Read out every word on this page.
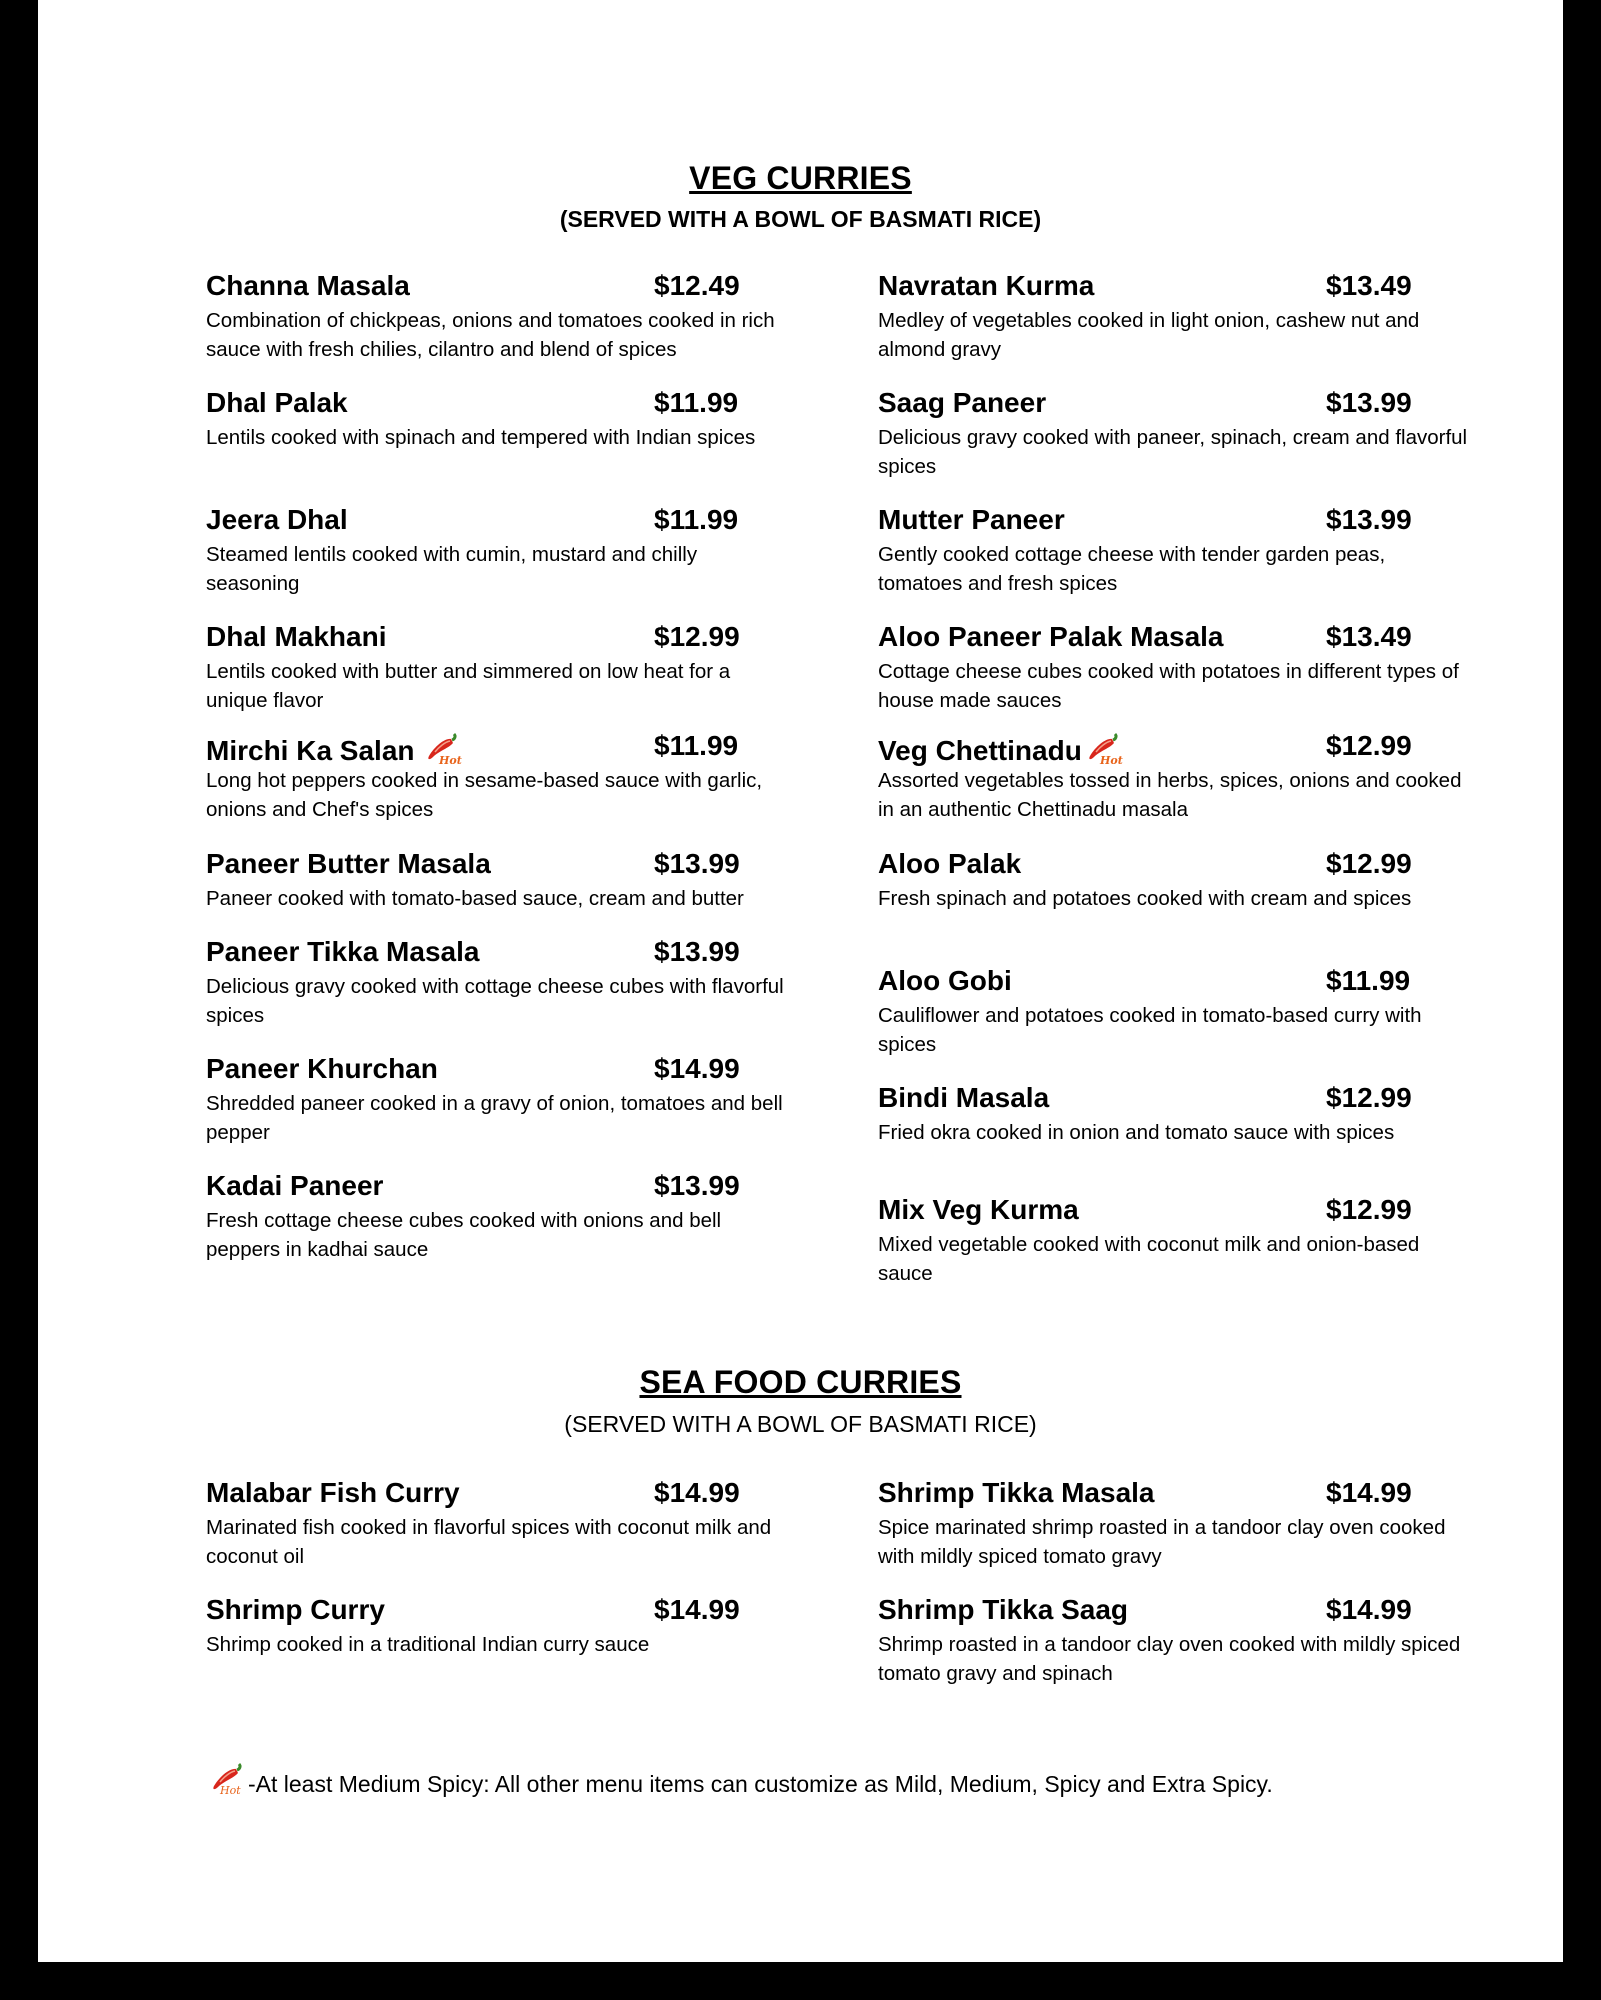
VEG CURRIES
(SERVED WITH A BOWL OF BASMATI RICE)
Channa Masala	$12.49
Combination of chickpeas, onions and tomatoes cooked in rich sauce with fresh chilies, cilantro and blend of spices
Dhal Palak	$11.99
Lentils cooked with spinach and tempered with Indian spices
Jeera Dhal	$11.99
Steamed lentils cooked with cumin, mustard and chilly seasoning
Dhal Makhani	$12.99
Lentils cooked with butter and simmered on low heat for a unique flavor
Mirchi Ka Salan Hot	$11.99
Long hot peppers cooked in sesame-based sauce with garlic, onions and Chef's spices
Paneer Butter Masala	$13.99
Paneer cooked with tomato-based sauce, cream and butter
Paneer Tikka Masala	$13.99
Delicious gravy cooked with cottage cheese cubes with flavorful spices
Paneer Khurchan	$14.99
Shredded paneer cooked in a gravy of onion, tomatoes and bell pepper
Kadai Paneer	$13.99
Fresh cottage cheese cubes cooked with onions and bell peppers in kadhai sauce
Navratan Kurma	$13.49
Medley of vegetables cooked in light onion, cashew nut and almond gravy
Saag Paneer	$13.99
Delicious gravy cooked with paneer, spinach, cream and flavorful spices
Mutter Paneer	$13.99
Gently cooked cottage cheese with tender garden peas, tomatoes and fresh spices
Aloo Paneer Palak Masala	$13.49
Cottage cheese cubes cooked with potatoes in different types of house made sauces
Veg Chettinadu Hot	$12.99
Assorted vegetables tossed in herbs, spices, onions and cooked in an authentic Chettinadu masala
Aloo Palak	$12.99
Fresh spinach and potatoes cooked with cream and spices
Aloo Gobi	$11.99
Cauliflower and potatoes cooked in tomato-based curry with spices
Bindi Masala	$12.99
Fried okra cooked in onion and tomato sauce with spices
Mix Veg Kurma	$12.99
Mixed vegetable cooked with coconut milk and onion-based sauce
SEA FOOD CURRIES
(SERVED WITH A BOWL OF BASMATI RICE)
Malabar Fish Curry	$14.99
Marinated fish cooked in flavorful spices with coconut milk and coconut oil
Shrimp Curry	$14.99
Shrimp cooked in a traditional Indian curry sauce
Shrimp Tikka Masala	$14.99
Spice marinated shrimp roasted in a tandoor clay oven cooked with mildly spiced tomato gravy
Shrimp Tikka Saag	$14.99
Shrimp roasted in a tandoor clay oven cooked with mildly spiced tomato gravy and spinach
Hot -At least Medium Spicy: All other menu items can customize as Mild, Medium, Spicy and Extra Spicy.
